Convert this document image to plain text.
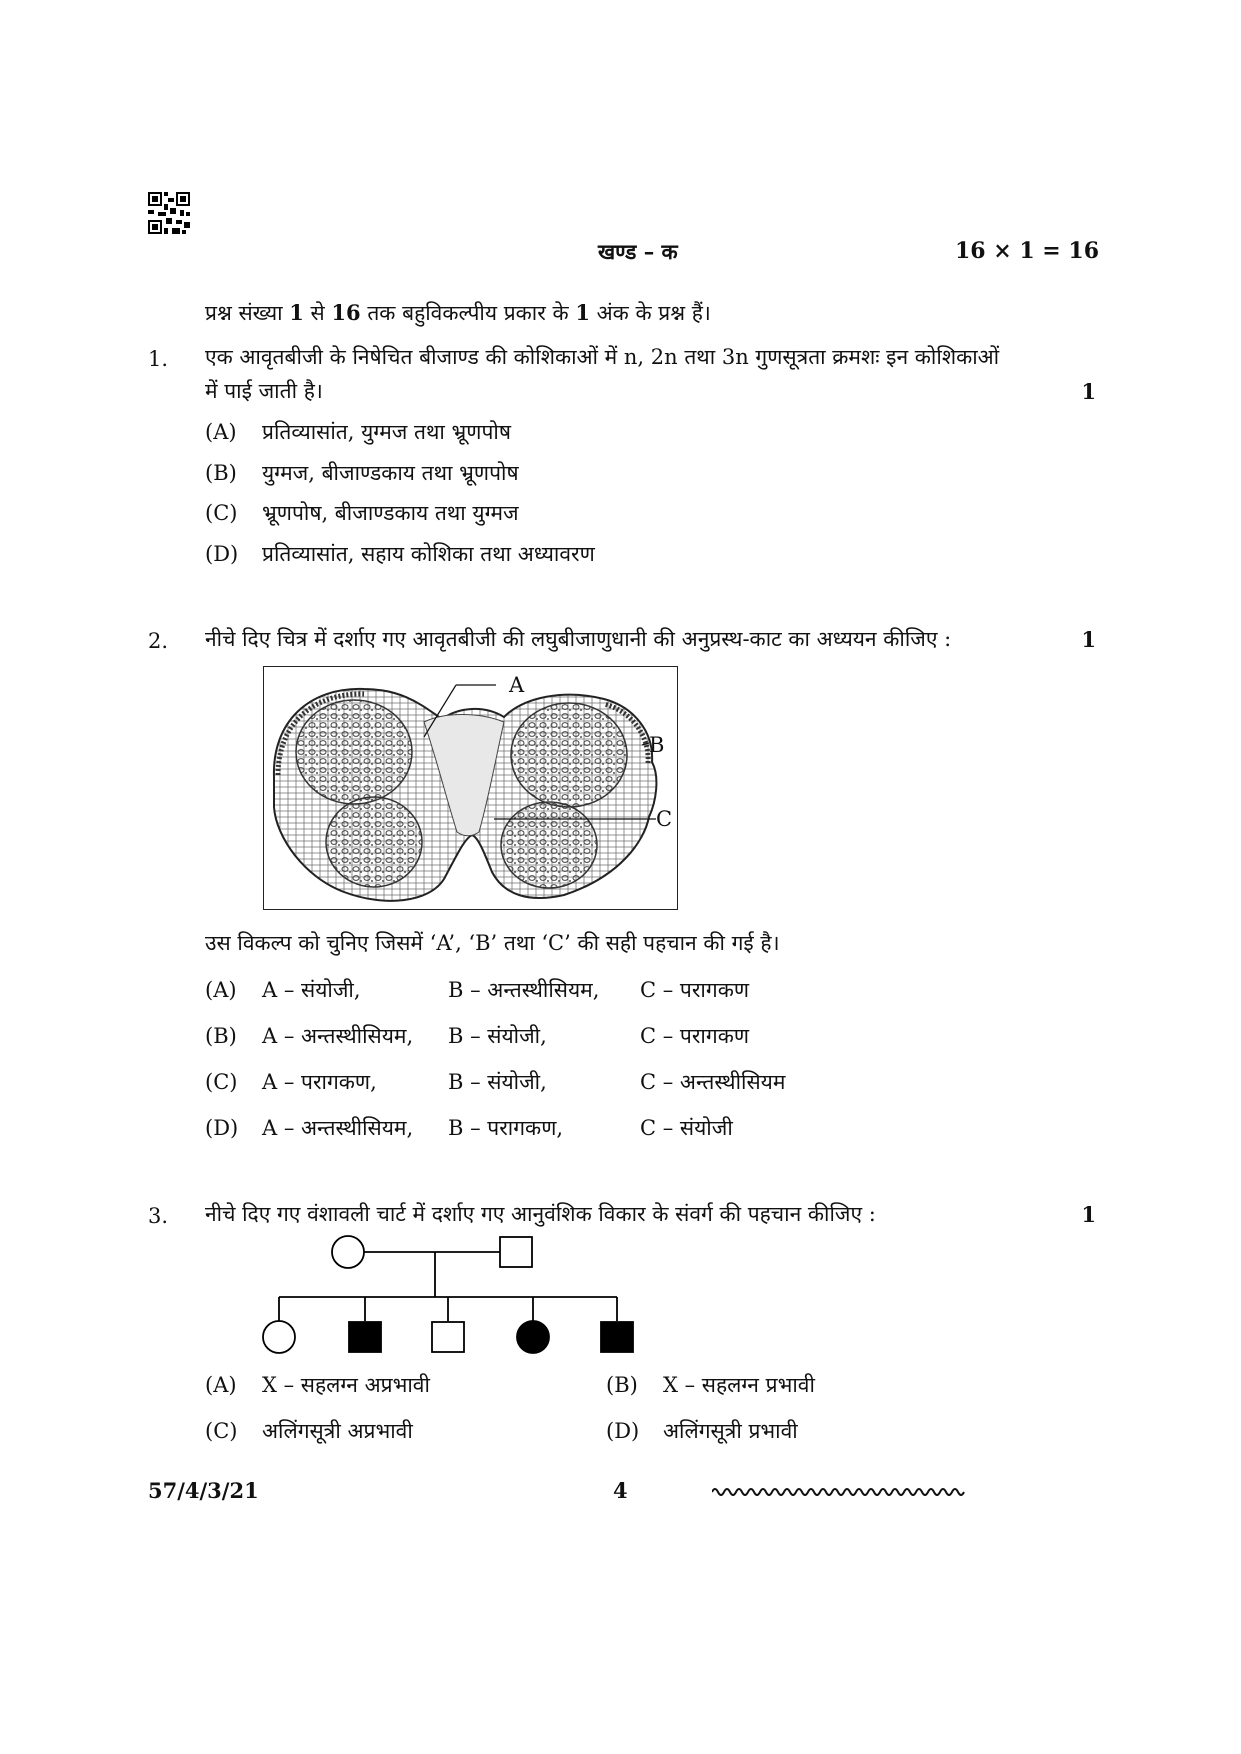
खण्ड – क	16 × 1 = 16
प्रश्न संख्या 1 से 16 तक बहुविकल्पीय प्रकार के 1 अंक के प्रश्न हैं।
1. एक आवृतबीजी के निषेचित बीजाण्ड की कोशिकाओं में n, 2n तथा 3n गुणसूत्रता क्रमशः इन कोशिकाओं
में पाई जाती है।	1
(A) प्रतिव्यासांत, युग्मज तथा भ्रूणपोष
(B) युग्मज, बीजाण्डकाय तथा भ्रूणपोष
(C) भ्रूणपोष, बीजाण्डकाय तथा युग्मज
(D) प्रतिव्यासांत, सहाय कोशिका तथा अध्यावरण
2. नीचे दिए चित्र में दर्शाए गए आवृतबीजी की लघुबीजाणुधानी की अनुप्रस्थ-काट का अध्ययन कीजिए :	1
A
B
C
उस विकल्प को चुनिए जिसमें ‘A’, ‘B’ तथा ‘C’ की सही पहचान की गई है।
(A) A – संयोजी,	B – अन्तस्थीसियम, C – परागकण
(B) A – अन्तस्थीसियम, B – संयोजी,	C – परागकण
(C) A – परागकण,	B – संयोजी,	C – अन्तस्थीसियम
(D) A – अन्तस्थीसियम, B – परागकण,	C – संयोजी
3. नीचे दिए गए वंशावली चार्ट में दर्शाए गए आनुवंशिक विकार के संवर्ग की पहचान कीजिए :	1
(A) X – सहलग्न अप्रभावी	(B) X – सहलग्न प्रभावी
(C) अलिंगसूत्री अप्रभावी	(D) अलिंगसूत्री प्रभावी
57/4/3/21	4
